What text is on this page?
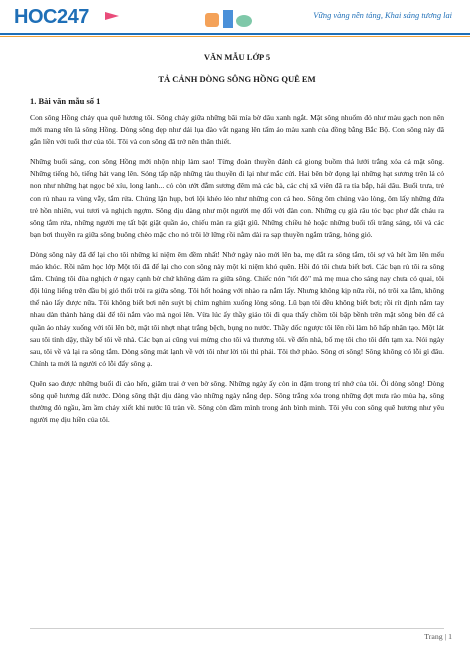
HOC247	Vững vàng nền tảng, Khai sáng tương lai

VĂN MẪU LỚP 5

TẢ CẢNH DÒNG SÔNG HỒNG QUÊ EM

1. Bài văn mẫu số 1

Con sông Hồng chảy qua quê hương tôi. Sông chảy giữa những bãi mía bờ dâu xanh ngắt. Mặt sông nhuốm đỏ như màu gạch non nên mới mang tên là sông Hồng. Dòng sông đẹp như dải lụa đào vắt ngang lên tấm áo màu xanh của đồng bằng Bắc Bộ. Con sông này đã gắn liền với tuổi thơ của tôi. Tôi và con sông đã trở nên thân thiết.

Những buổi sáng, con sông Hồng mới nhộn nhịp làm sao! Từng đoàn thuyền đánh cá giong buồm thả lưới trắng xóa cả mặt sông. Những tiếng hò, tiếng hát vang lên. Sóng tấp nập những tàu thuyền đi lại như mắc cửi. Hai bên bờ đọng lại những hạt sương trên lá cỏ non như những hạt ngọc bé xíu, long lanh... cỏ còn ướt đẫm sương đêm mà các bà, các chị xã viên đã ra tỉa bắp, hái dâu. Buổi trưa, trẻ con rủ nhau ra vùng vẫy, tắm rửa. Chúng lặn hụp, bơi lội khéo léo như những con cá heo. Sông ôm chúng vào lòng, ôm lấy những đứa trẻ hồn nhiên, vui tươi và nghịch ngợm. Sông dịu dàng như một người mẹ đối với đàn con. Những cụ già râu tóc bạc phơ dắt cháu ra sông tắm rửa, những người mẹ tất bật giặt quần áo, chiếu màn ra giặt giũ. Những chiều hè hoặc những buổi tối trăng sáng, tôi và các bạn bơi thuyền ra giữa sông buông chèo mặc cho nó trôi lờ lững rồi nằm dài ra sạp thuyền ngắm trăng, hóng gió.

Dòng sông này đã để lại cho tôi những kỉ niệm êm đềm nhất! Nhớ ngày nào mới lên ba, mẹ dắt ra sông tắm, tôi sợ và hét ầm lên mếu máo khóc. Rồi năm học lớp Một tôi đã để lại cho con sông này một kỉ niệm khó quên. Hồi đó tôi chưa biết bơi. Các bạn rủ tôi ra sông tắm. Chúng tôi đùa nghịch ở ngay cạnh bờ chứ không dám ra giữa sông. Chiếc nón "tốt đỏ" mà mẹ mua cho sáng nay chưa có quai, tôi đội lúng liếng trên đầu bị gió thổi trôi ra giữa sông. Tôi hốt hoảng với nhào ra nắm lấy. Nhưng không kịp nữa rồi, nó trôi xa lắm, không thể nào lấy được nữa. Tôi không biết bơi nên suýt bị chìm nghỉm xuống lòng sông. Lũ bạn tôi đều không biết bơi; rồi rít định nắm tay nhau dàn thành hàng dài để tôi nắm vào mà ngoi lên. Vừa lúc ấy thầy giáo tôi đi qua thấy chồm tôi bập bềnh trên mặt sông bèn để cả quần áo nhảy xuống với tôi lên bờ, mặt tôi nhợt nhạt trắng bệch, bụng no nước. Thầy dốc ngược tôi lên rồi làm hô hấp nhân tạo. Một lát sau tôi tỉnh dậy, thầy bế tôi về nhà. Các bạn ai cũng vui mừng cho tôi và thương tôi. về đến nhà, bố mẹ tôi cho tôi đến tạm xa. Nói ngày sau, tôi về và lại ra sông tắm. Dòng sông mát lạnh về với tôi như lời tôi thì phải. Tôi thở phào. Sông ơi sông! Sông không có lỗi gì đâu. Chính ta mới là người có lỗi đấy sông ạ.

Quên sao được những buổi đi cào hến, giăm trai ở ven bờ sông. Những ngày ấy còn in đậm trong trí nhớ của tôi. Ôi dòng sông! Dòng sông quê hương đất nước. Dòng sông thật dịu dàng vào những ngày nắng đẹp. Sông trắng xóa trong những đợt mưa rào mùa hạ, sông thường đỏ ngầu, ầm ầm chảy xiết khi nước lũ tràn về. Sông còn đầm mình trong ánh bình minh. Tôi yêu con sông quê hương như yêu người mẹ dịu hiền của tôi.

Trang | 1
